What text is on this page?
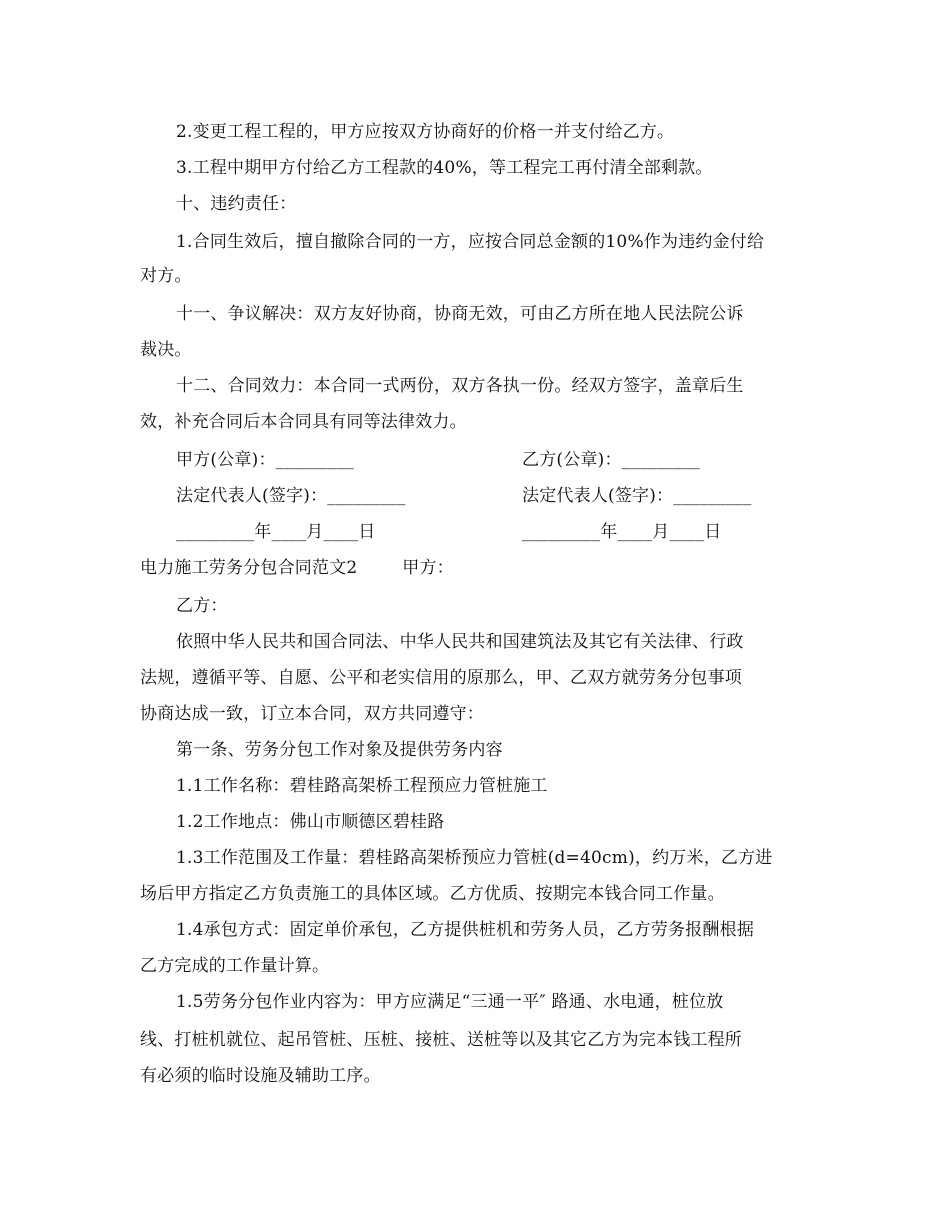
2.变更工程工程的，甲方应按双方协商好的价格一并支付给乙方。
3.工程中期甲方付给乙方工程款的40%，等工程完工再付清全部剩款。
十、违约责任：
1.合同生效后，擅自撤除合同的一方，应按合同总金额的10%作为违约金付给
对方。
十一、争议解决：双方友好协商，协商无效，可由乙方所在地人民法院公诉
裁决。
十二、合同效力：本合同一式两份，双方各执一份。经双方签字，盖章后生
效，补充合同后本合同具有同等法律效力。
甲方(公章)：_________	乙方(公章)：_________
法定代表人(签字)：_________	法定代表人(签字)：_________
_________年____月____日	_________年____月____日
电力施工劳务分包合同范文2        甲方：
乙方：
依照中华人民共和国合同法、中华人民共和国建筑法及其它有关法律、行政
法规，遵循平等、自愿、公平和老实信用的原那么，甲、乙双方就劳务分包事项
协商达成一致，订立本合同，双方共同遵守：
第一条、劳务分包工作对象及提供劳务内容
1.1工作名称：碧桂路高架桥工程预应力管桩施工
1.2工作地点：佛山市顺德区碧桂路
1.3工作范围及工作量：碧桂路高架桥预应力管桩(d=40cm)，约万米，乙方进
场后甲方指定乙方负责施工的具体区域。乙方优质、按期完本钱合同工作量。
1.4承包方式：固定单价承包，乙方提供桩机和劳务人员，乙方劳务报酬根据
乙方完成的工作量计算。
1.5劳务分包作业内容为：甲方应满足“三通一平″ 路通、水电通，桩位放
线、打桩机就位、起吊管桩、压桩、接桩、送桩等以及其它乙方为完本钱工程所
有必须的临时设施及辅助工序。
